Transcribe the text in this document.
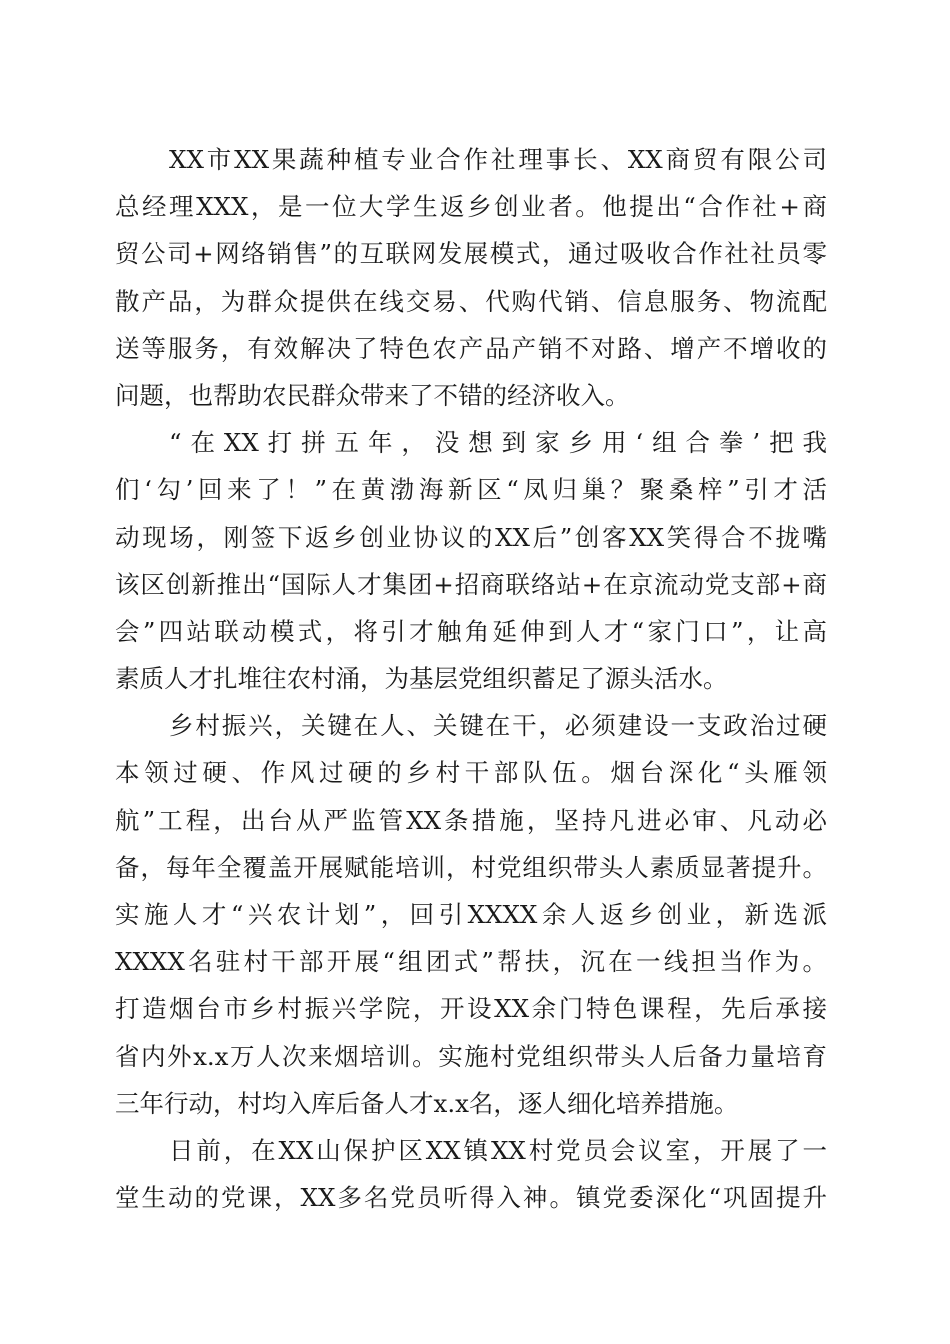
XX市XX果蔬种植专业合作社理事长、XX商贸有限公司
总经理XXX，是一位大学生返乡创业者。他提出“合作社+商
贸公司+网络销售”的互联网发展模式，通过吸收合作社社员零
散产品，为群众提供在线交易、代购代销、信息服务、物流配
送等服务，有效解决了特色农产品产销不对路、增产不增收的
问题，也帮助农民群众带来了不错的经济收入。
“在XX打拼五年，没想到家乡用‘组合拳’把我
们‘勾’回来了！”在黄渤海新区“凤归巢？聚桑梓”引才活
动现场，刚签下返乡创业协议的XX后”创客XX笑得合不拢嘴
该区创新推出“国际人才集团+招商联络站+在京流动党支部+商
会”四站联动模式，将引才触角延伸到人才“家门口”，让高
素质人才扎堆往农村涌，为基层党组织蓄足了源头活水。
乡村振兴，关键在人、关键在干，必须建设一支政治过硬
本领过硬、作风过硬的乡村干部队伍。烟台深化“头雁领
航”工程，出台从严监管XX条措施，坚持凡进必审、凡动必
备，每年全覆盖开展赋能培训，村党组织带头人素质显著提升。
实施人才“兴农计划”，回引XXXX余人返乡创业，新选派
XXXX名驻村干部开展“组团式”帮扶，沉在一线担当作为。
打造烟台市乡村振兴学院，开设XX余门特色课程，先后承接
省内外x.x万人次来烟培训。实施村党组织带头人后备力量培育
三年行动，村均入库后备人才x.x名，逐人细化培养措施。
日前，在XX山保护区XX镇XX村党员会议室，开展了一
堂生动的党课，XX多名党员听得入神。镇党委深化“巩固提升
